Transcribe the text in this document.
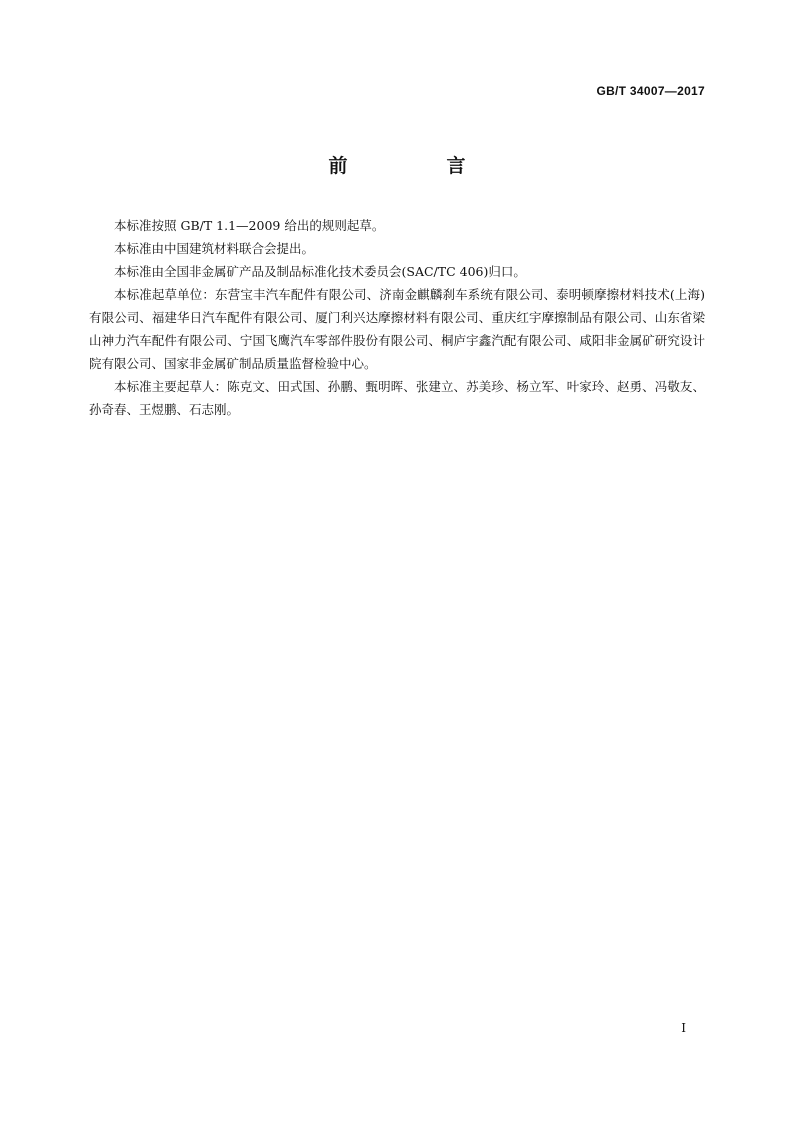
GB/T 34007—2017
前　言

本标准按照 GB/T 1.1—2009 给出的规则起草。

本标准由中国建筑材料联合会提出。

本标准由全国非金属矿产品及制品标准化技术委员会(SAC/TC 406)归口。

本标准起草单位：东营宝丰汽车配件有限公司、济南金麒麟刹车系统有限公司、泰明顿摩擦材料技术(上海)有限公司、福建华日汽车配件有限公司、厦门利兴达摩擦材料有限公司、重庆红宇摩擦制品有限公司、山东省梁山神力汽车配件有限公司、宁国飞鹰汽车零部件股份有限公司、桐庐宇鑫汽配有限公司、咸阳非金属矿研究设计院有限公司、国家非金属矿制品质量监督检验中心。

本标准主要起草人：陈克文、田式国、孙鹏、甄明晖、张建立、苏美珍、杨立军、叶家玲、赵勇、冯敬友、孙奇春、王煜鹏、石志刚。

I
